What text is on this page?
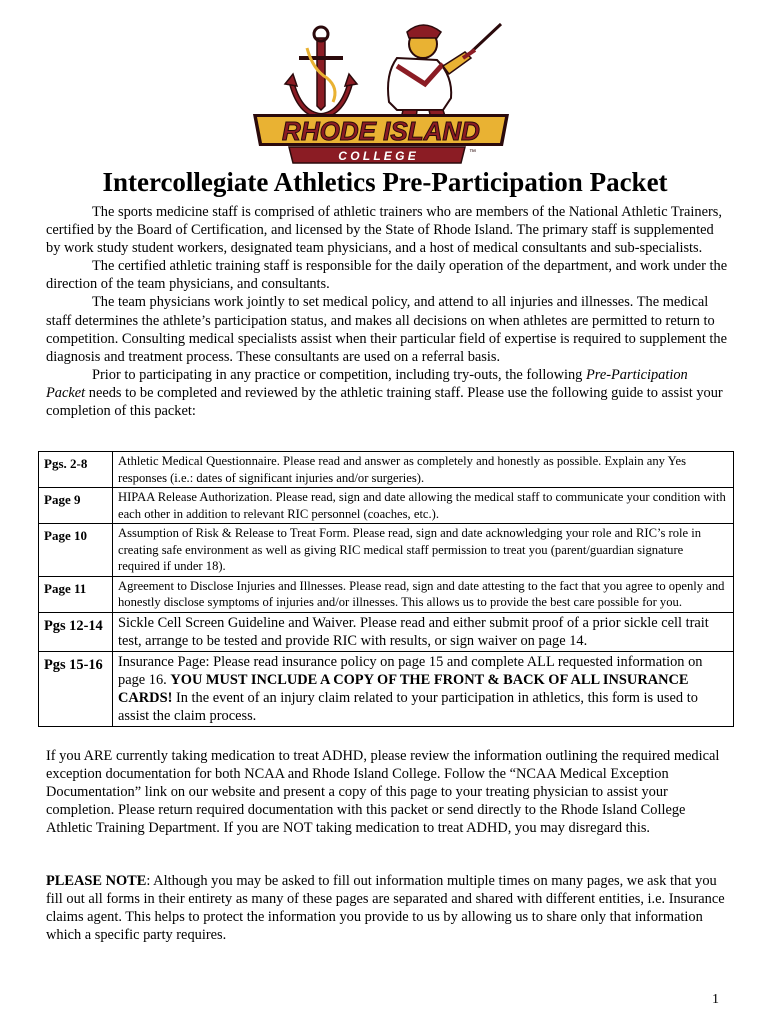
RHODE ISLAND
C O L L E G E	™
Intercollegiate Athletics Pre-Participation Packet

The sports medicine staff is comprised of athletic trainers who are members of the National Athletic Trainers, certified by the Board of Certification, and licensed by the State of Rhode Island. The primary staff is supplemented by work study student workers, designated team physicians, and a host of medical consultants and sub-specialists.

The certified athletic training staff is responsible for the daily operation of the department, and work under the direction of the team physicians, and consultants.

The team physicians work jointly to set medical policy, and attend to all injuries and illnesses. The medical staff determines the athlete’s participation status, and makes all decisions on when athletes are permitted to return to competition. Consulting medical specialists assist when their particular field of expertise is required to supplement the diagnosis and treatment process. These consultants are used on a referral basis.

Prior to participating in any practice or competition, including try-outs, the following Pre-Participation Packet needs to be completed and reviewed by the athletic training staff. Please use the following guide to assist your completion of this packet:

Pgs. 2-8	Athletic Medical Questionnaire. Please read and answer as completely and honestly as possible. Explain any Yes responses (i.e.: dates of significant injuries and/or surgeries).
Page 9	HIPAA Release Authorization. Please read, sign and date allowing the medical staff to communicate your condition with each other in addition to relevant RIC personnel (coaches, etc.).
Page 10	Assumption of Risk & Release to Treat Form. Please read, sign and date acknowledging your role and RIC’s role in creating safe environment as well as giving RIC medical staff permission to treat you (parent/guardian signature required if under 18).
Page 11	Agreement to Disclose Injuries and Illnesses. Please read, sign and date attesting to the fact that you agree to openly and honestly disclose symptoms of injuries and/or illnesses. This allows us to provide the best care possible for you.
Pgs 12-14	Sickle Cell Screen Guideline and Waiver. Please read and either submit proof of a prior sickle cell trait test, arrange to be tested and provide RIC with results, or sign waiver on page 14.
Pgs 15-16	Insurance Page: Please read insurance policy on page 15 and complete ALL requested information on page 16. YOU MUST INCLUDE A COPY OF THE FRONT & BACK OF ALL INSURANCE CARDS! In the event of an injury claim related to your participation in athletics, this form is used to assist the claim process.

If you ARE currently taking medication to treat ADHD, please review the information outlining the required medical exception documentation for both NCAA and Rhode Island College. Follow the “NCAA Medical Exception Documentation” link on our website and present a copy of this page to your treating physician to assist your completion. Please return required documentation with this packet or send directly to the Rhode Island College Athletic Training Department. If you are NOT taking medication to treat ADHD, you may disregard this.

PLEASE NOTE: Although you may be asked to fill out information multiple times on many pages, we ask that you fill out all forms in their entirety as many of these pages are separated and shared with different entities, i.e. Insurance claims agent. This helps to protect the information you provide to us by allowing us to share only that information which a specific party requires.

1
